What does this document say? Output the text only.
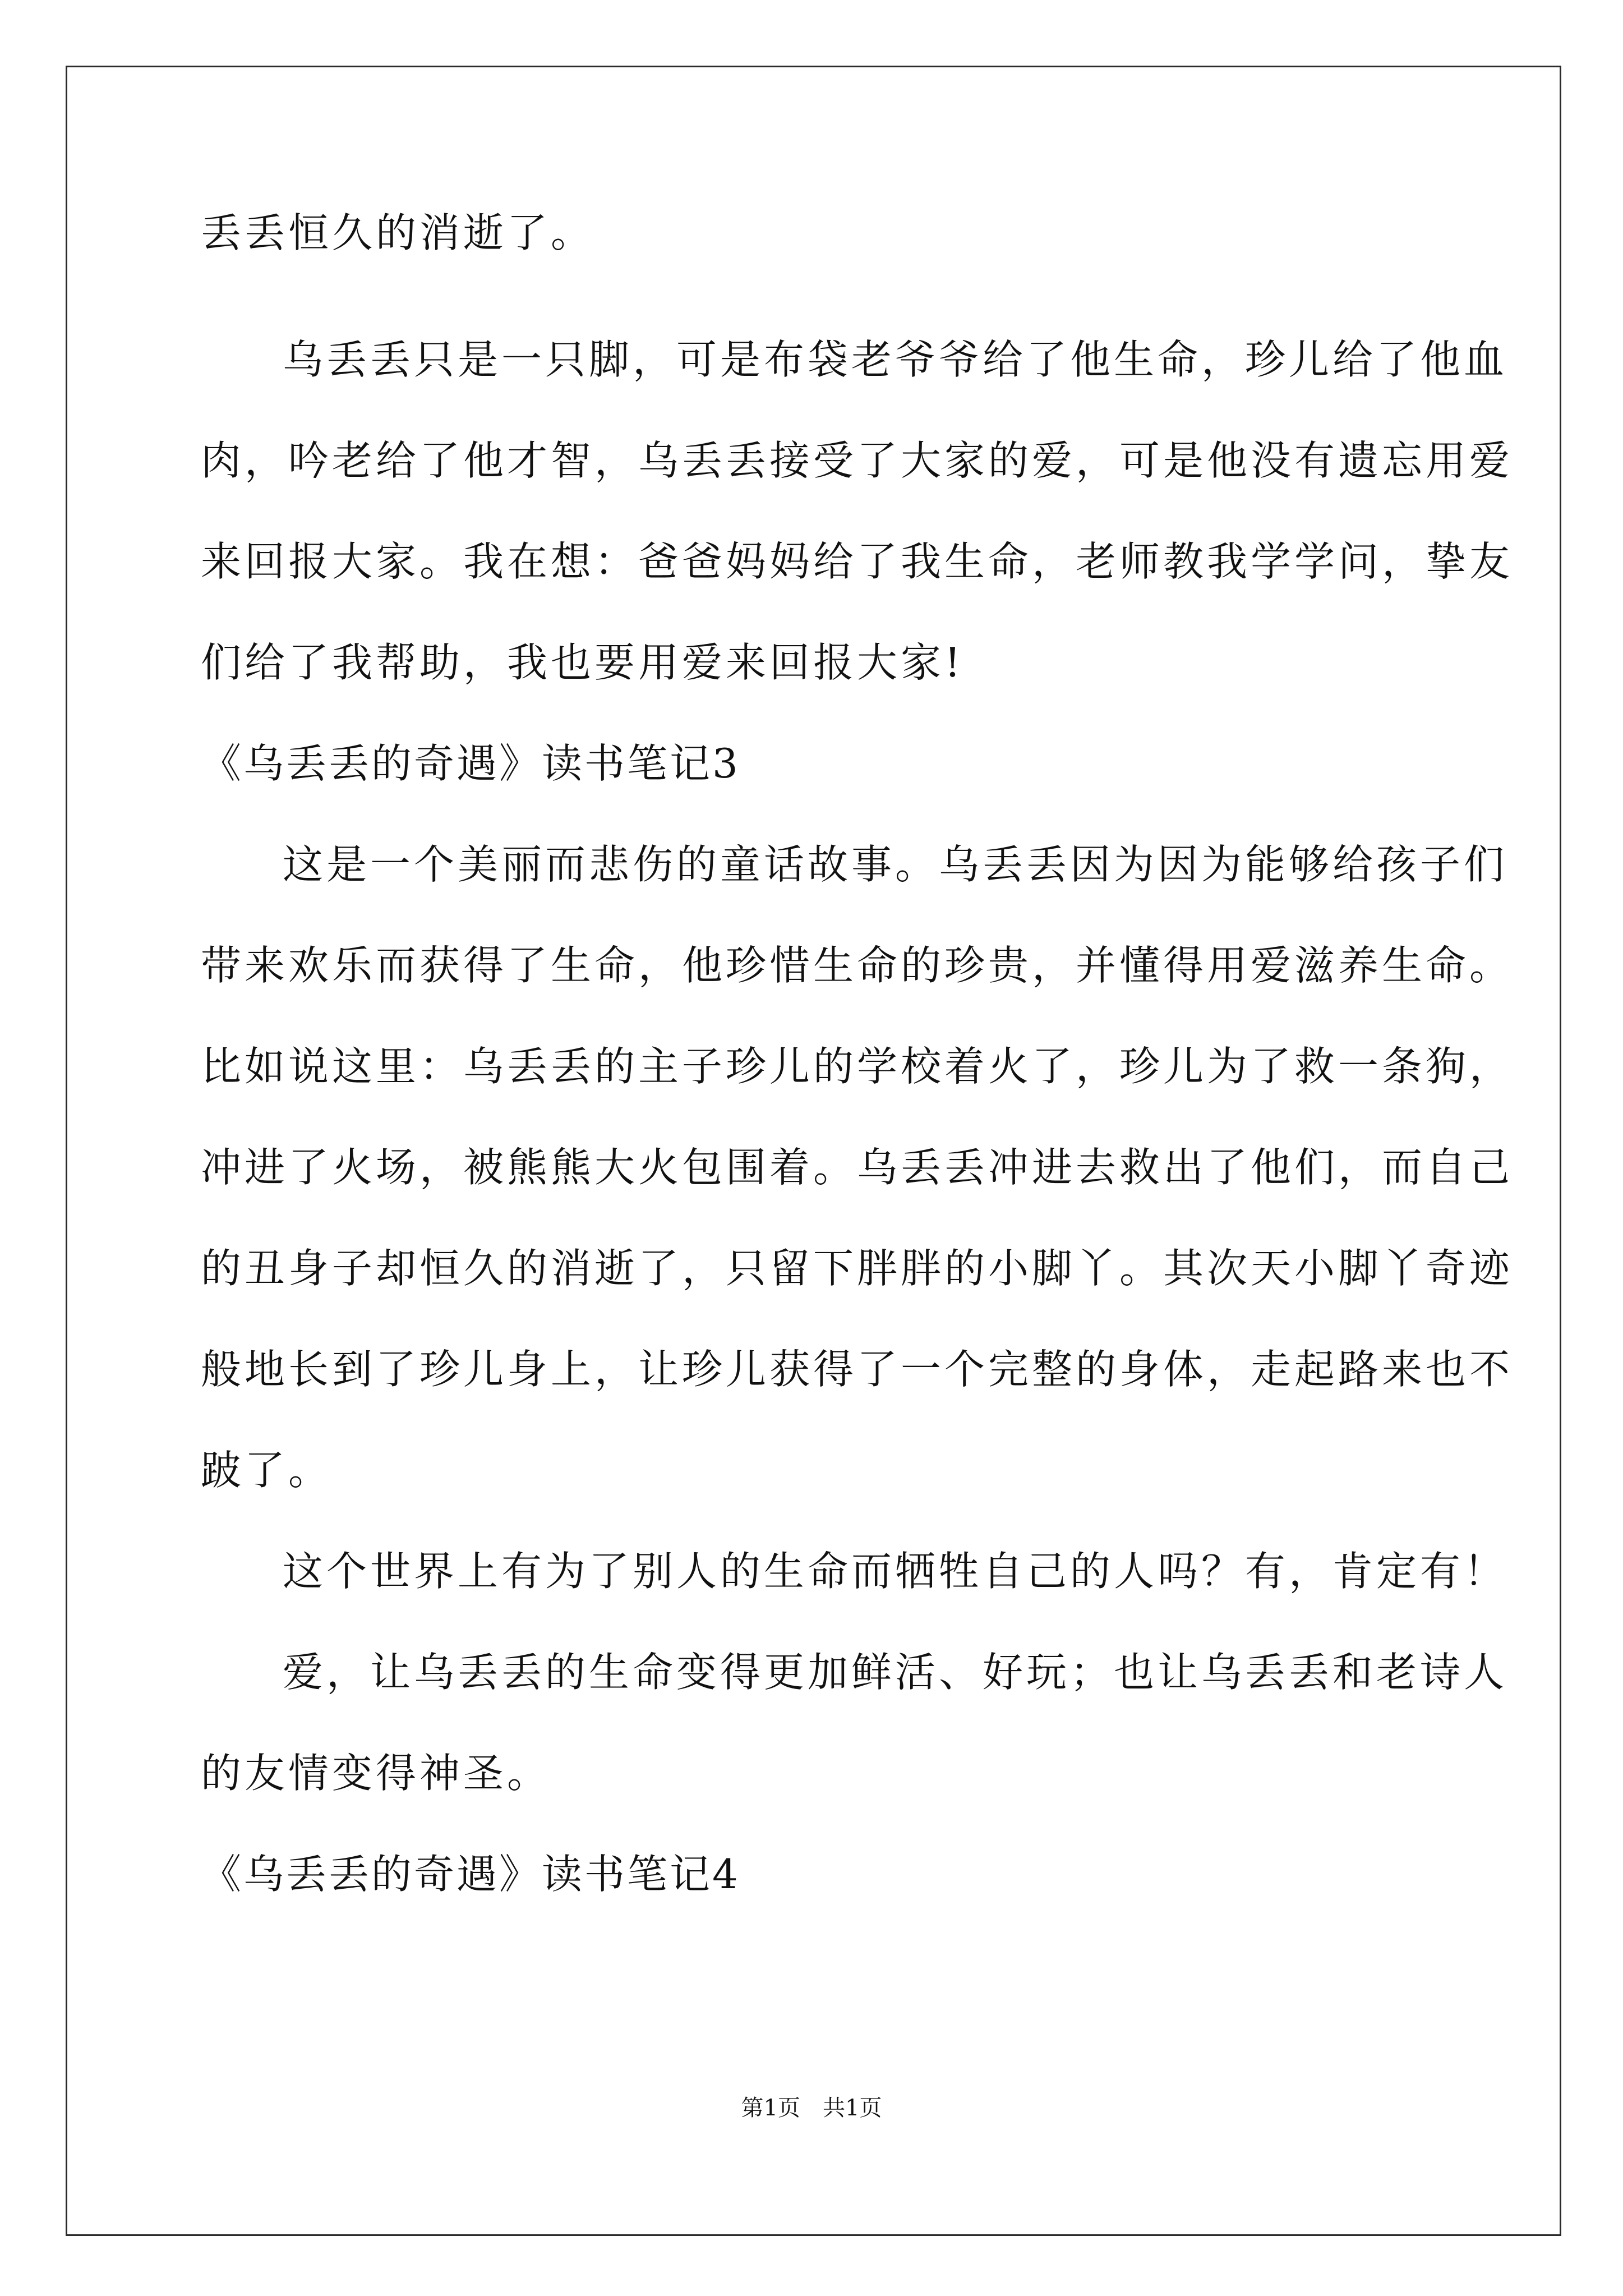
丢丢恒久的消逝了。
乌丢丢只是一只脚，可是布袋老爷爷给了他生命，珍儿给了他血
肉，吟老给了他才智，乌丢丢接受了大家的爱，可是他没有遗忘用爱
来回报大家。我在想：爸爸妈妈给了我生命，老师教我学学问，挚友
们给了我帮助，我也要用爱来回报大家!
《乌丢丢的奇遇》读书笔记3
这是一个美丽而悲伤的童话故事。乌丢丢因为因为能够给孩子们
带来欢乐而获得了生命，他珍惜生命的珍贵，并懂得用爱滋养生命。
比如说这里：乌丢丢的主子珍儿的学校着火了，珍儿为了救一条狗，
冲进了火场，被熊熊大火包围着。乌丢丢冲进去救出了他们，而自己
的丑身子却恒久的消逝了，只留下胖胖的小脚丫。其次天小脚丫奇迹
般地长到了珍儿身上，让珍儿获得了一个完整的身体，走起路来也不
跛了。
这个世界上有为了别人的生命而牺牲自己的人吗？有，肯定有！
爱，让乌丢丢的生命变得更加鲜活、好玩；也让乌丢丢和老诗人
的友情变得神圣。
《乌丢丢的奇遇》读书笔记4
第1页　共1页
